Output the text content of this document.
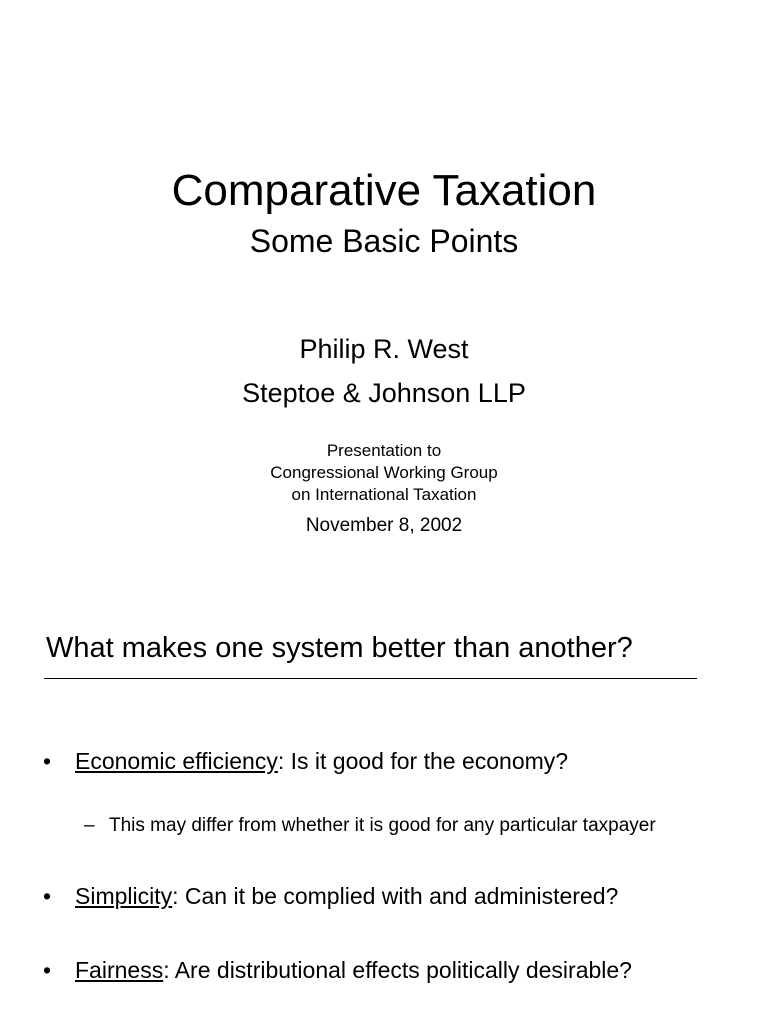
Comparative Taxation
Some Basic Points
Philip R. West
Steptoe & Johnson LLP
Presentation to
Congressional Working Group
on International Taxation
November 8, 2002
What makes one system better than another?
• Economic efficiency: Is it good for the economy?
– This may differ from whether it is good for any particular taxpayer
• Simplicity: Can it be complied with and administered?
• Fairness: Are distributional effects politically desirable?
